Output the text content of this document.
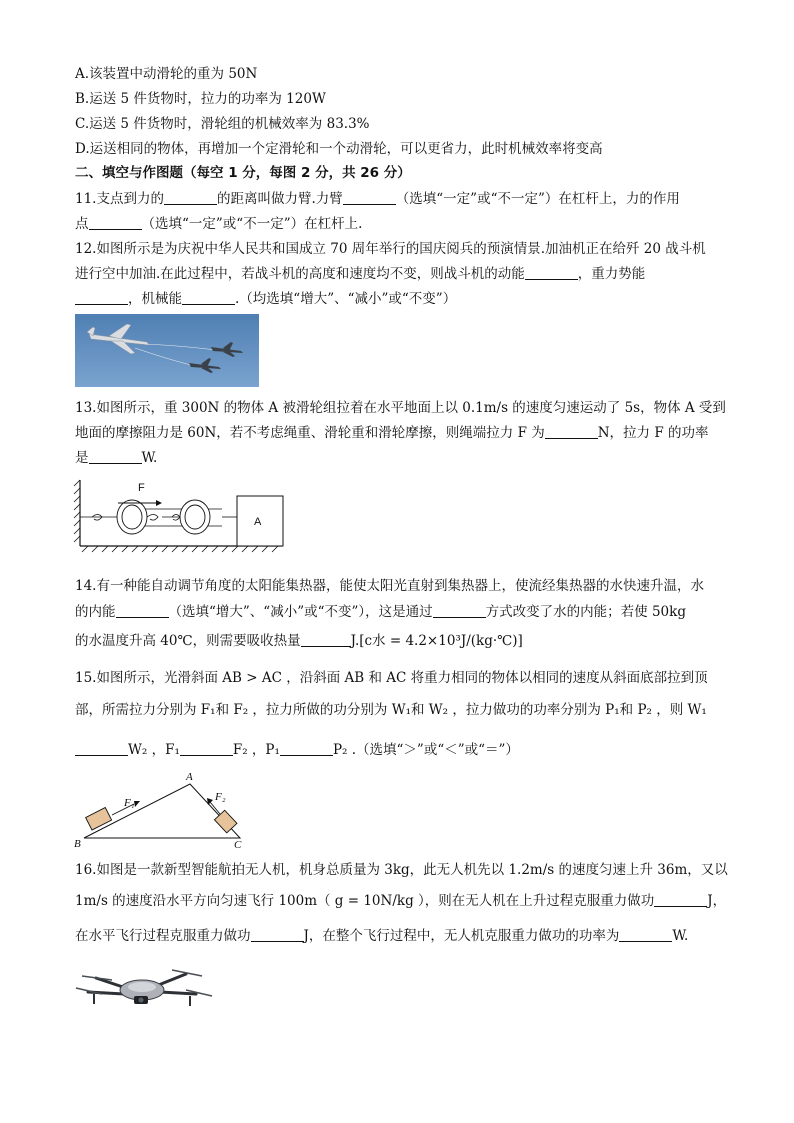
A.该装置中动滑轮的重为 50N
B.运送 5 件货物时，拉力的功率为 120W
C.运送 5 件货物时，滑轮组的机械效率为 83.3%
D.运送相同的物体，再增加一个定滑轮和一个动滑轮，可以更省力，此时机械效率将变高
二、填空与作图题（每空 1 分，每图 2 分，共 26 分）
11.支点到力的	的距离叫做力臂.力臂	（选填“一定”或“不一定”）在杠杆上，力的作用
点	（选填“一定”或“不一定”）在杠杆上.
12.如图所示是为庆祝中华人民共和国成立 70 周年举行的国庆阅兵的预演情景.加油机正在给歼 20 战斗机
进行空中加油.在此过程中，若战斗机的高度和速度均不变，则战斗机的动能	，重力势能
，机械能	.（均选填“增大”、“减小”或“不变”）
13.如图所示，重 300N 的物体 A 被滑轮组拉着在水平地面上以 0.1m/s 的速度匀速运动了 5s，物体 A 受到
地面的摩擦阻力是 60N，若不考虑绳重、滑轮重和滑轮摩擦，则绳端拉力 F 为	N，拉力 F 的功率
是	W.
F
A
14.有一种能自动调节角度的太阳能集热器，能使太阳光直射到集热器上，使流经集热器的水快速升温，水
的内能	（选填“增大”、“减小”或“不变”），这是通过	方式改变了水的内能；若使 50kg
的水温度升高 40℃，则需要吸收热量	J.[c水 = 4.2×10³J/(kg·℃)]
15.如图所示，光滑斜面 AB > AC ，沿斜面 AB 和 AC 将重力相同的物体以相同的速度从斜面底部拉到顶
部，所需拉力分别为 F₁和 F₂ ，拉力所做的功分别为 W₁和 W₂ ，拉力做功的功率分别为 P₁和 P₂ ，则 W₁
W₂ ，F₁	F₂ ，P₁	P₂ .（选填“＞”或“＜”或“＝”）
A
B	C
F₁	F₂
16.如图是一款新型智能航拍无人机，机身总质量为 3kg，此无人机先以 1.2m/s 的速度匀速上升 36m，又以
1m/s 的速度沿水平方向匀速飞行 100m（ g = 10N/kg ），则在无人机在上升过程克服重力做功	J，
在水平飞行过程克服重力做功	J，在整个飞行过程中，无人机克服重力做功的功率为	W.
